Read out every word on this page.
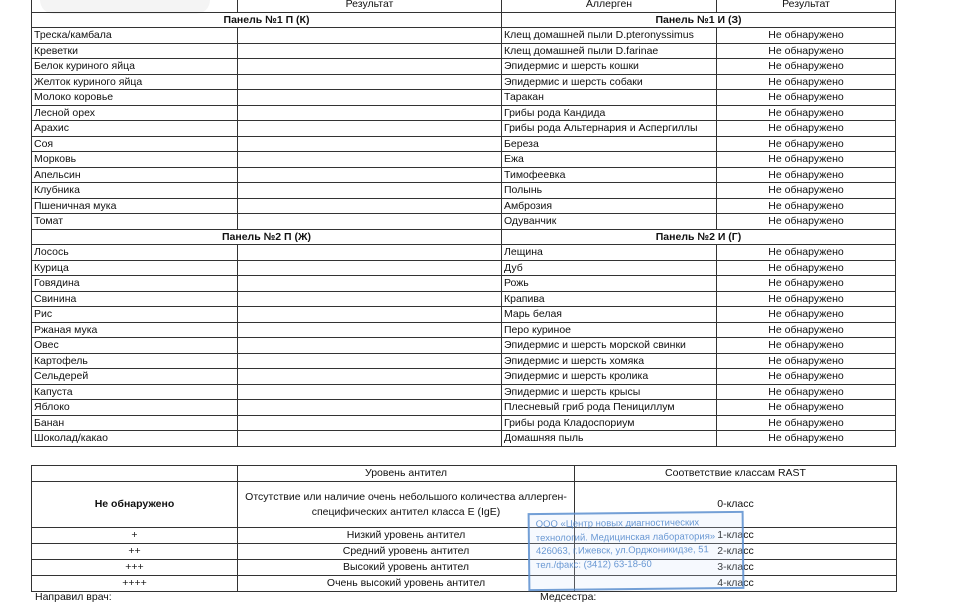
	Результат	Аллерген	Результат
Панель №1 П (К)		Панель №1 И (З)	
Треска/камбала		Клещ домашней пыли D.pteronyssimus	Не обнаружено
Креветки		Клещ домашней пыли D.farinae	Не обнаружено
Белок куриного яйца		Эпидермис и шерсть кошки	Не обнаружено
Желток куриного яйца		Эпидермис и шерсть собаки	Не обнаружено
Молоко коровье		Таракан	Не обнаружено
Лесной орех		Грибы рода Кандида	Не обнаружено
Арахис		Грибы рода Альтернария и Аспергиллы	Не обнаружено
Соя		Береза	Не обнаружено
Морковь		Ежа	Не обнаружено
Апельсин		Тимофеевка	Не обнаружено
Клубника		Полынь	Не обнаружено
Пшеничная мука		Амброзия	Не обнаружено
Томат		Одуванчик	Не обнаружено
Панель №2 П (Ж)		Панель №2 И (Г)	
Лосось		Лещина	Не обнаружено
Курица		Дуб	Не обнаружено
Говядина		Рожь	Не обнаружено
Свинина		Крапива	Не обнаружено
Рис		Марь белая	Не обнаружено
Ржаная мука		Перо куриное	Не обнаружено
Овес		Эпидермис и шерсть морской свинки	Не обнаружено
Картофель		Эпидермис и шерсть хомяка	Не обнаружено
Сельдерей		Эпидермис и шерсть кролика	Не обнаружено
Капуста		Эпидермис и шерсть крысы	Не обнаружено
Яблоко		Плесневый гриб рода Пенициллум	Не обнаружено
Банан		Грибы рода Кладоспориум	Не обнаружено
Шоколад/какао		Домашняя пыль	Не обнаружено
	Уровень антител	Соответствие классам RAST
Не обнаружено	Отсутствие или наличие очень небольшого количества аллерген-специфических антител класса E (IgE)	0-класс
+	Низкий уровень антител	1-класс
++	Средний уровень антител	2-класс
+++	Высокий уровень антител	3-класс
++++	Очень высокий уровень антител	4-класс
ООО «Центр новых диагностических
технологий. Медицинская лаборатория»
426063, г.Ижевск, ул.Орджоникидзе, 51
тел./факс: (3412) 63-18-60
Направил врач:	Медсестра:
